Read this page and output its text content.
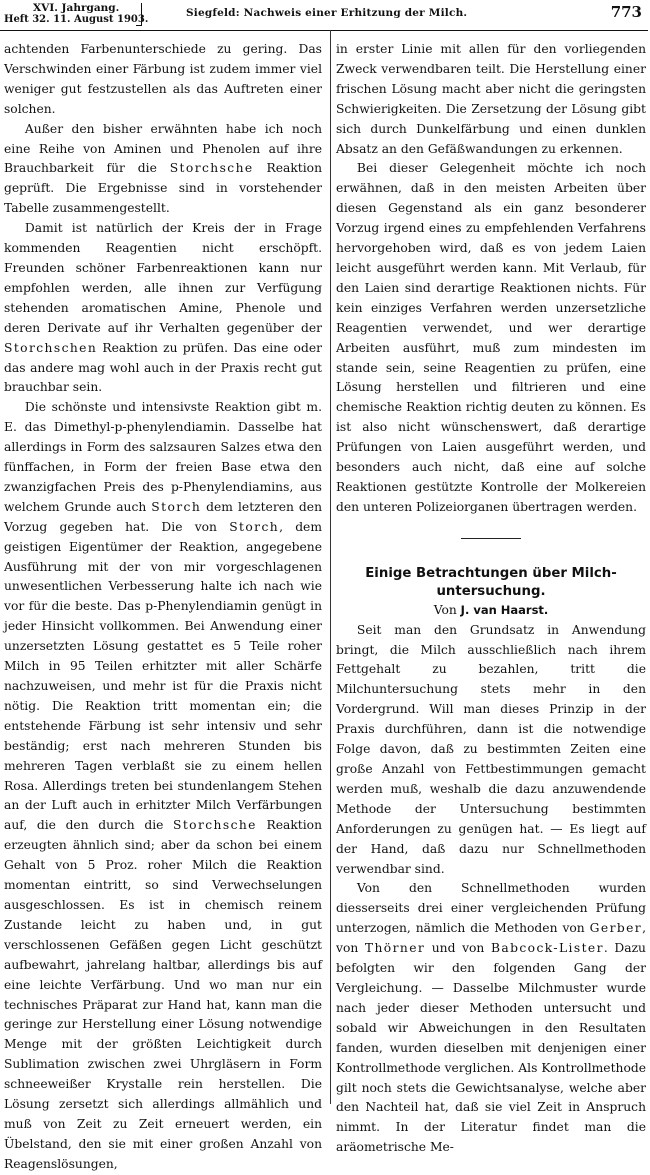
XVI. Jahrgang.
Heft 32. 11. August 1903.
Siegfeld: Nachweis einer Erhitzung der Milch.	773

achtenden Farbenunterschiede zu gering. Das Verschwinden einer Färbung ist zudem immer viel weniger gut festzustellen als das Auftreten einer solchen.

Außer den bisher erwähnten habe ich noch eine Reihe von Aminen und Phenolen auf ihre Brauchbarkeit für die Storchsche Reaktion geprüft. Die Ergebnisse sind in vorstehender Tabelle zusammengestellt.

Damit ist natürlich der Kreis der in Frage kommenden Reagentien nicht erschöpft. Freunden schöner Farbenreaktionen kann nur empfohlen werden, alle ihnen zur Verfügung stehenden aromatischen Amine, Phenole und deren Derivate auf ihr Verhalten gegenüber der Storchschen Reaktion zu prüfen. Das eine oder das andere mag wohl auch in der Praxis recht gut brauchbar sein.

Die schönste und intensivste Reaktion gibt m. E. das Dimethyl-p-phenylendiamin. Dasselbe hat allerdings in Form des salzsauren Salzes etwa den fünffachen, in Form der freien Base etwa den zwanzigfachen Preis des p-Phenylendiamins, aus welchem Grunde auch Storch dem letzteren den Vorzug gegeben hat. Die von Storch, dem geistigen Eigentümer der Reaktion, angegebene Ausführung mit der von mir vorgeschlagenen unwesentlichen Verbesserung halte ich nach wie vor für die beste. Das p-Phenylendiamin genügt in jeder Hinsicht vollkommen. Bei Anwendung einer unzersetzten Lösung gestattet es 5 Teile roher Milch in 95 Teilen erhitzter mit aller Schärfe nachzuweisen, und mehr ist für die Praxis nicht nötig. Die Reaktion tritt momentan ein; die entstehende Färbung ist sehr intensiv und sehr beständig; erst nach mehreren Stunden bis mehreren Tagen verblaßt sie zu einem hellen Rosa. Allerdings treten bei stundenlangem Stehen an der Luft auch in erhitzter Milch Verfärbungen auf, die den durch die Storchsche Reaktion erzeugten ähnlich sind; aber da schon bei einem Gehalt von 5 Proz. roher Milch die Reaktion momentan eintritt, so sind Verwechselungen ausgeschlossen. Es ist in chemisch reinem Zustande leicht zu haben und, in gut verschlossenen Gefäßen gegen Licht geschützt aufbewahrt, jahrelang haltbar, allerdings bis auf eine leichte Verfärbung. Und wo man nur ein technisches Präparat zur Hand hat, kann man die geringe zur Herstellung einer Lösung notwendige Menge mit der größten Leichtigkeit durch Sublimation zwischen zwei Uhrgläsern in Form schneeweißer Krystalle rein herstellen. Die Lösung zersetzt sich allerdings allmählich und muß von Zeit zu Zeit erneuert werden, ein Übelstand, den sie mit einer großen Anzahl von Reagenslösungen,

in erster Linie mit allen für den vorliegenden Zweck verwendbaren teilt. Die Herstellung einer frischen Lösung macht aber nicht die geringsten Schwierigkeiten. Die Zersetzung der Lösung gibt sich durch Dunkelfärbung und einen dunklen Absatz an den Gefäßwandungen zu erkennen.

Bei dieser Gelegenheit möchte ich noch erwähnen, daß in den meisten Arbeiten über diesen Gegenstand als ein ganz besonderer Vorzug irgend eines zu empfehlenden Verfahrens hervorgehoben wird, daß es von jedem Laien leicht ausgeführt werden kann. Mit Verlaub, für den Laien sind derartige Reaktionen nichts. Für kein einziges Verfahren werden unzersetzliche Reagentien verwendet, und wer derartige Arbeiten ausführt, muß zum mindesten im stande sein, seine Reagentien zu prüfen, eine Lösung herstellen und filtrieren und eine chemische Reaktion richtig deuten zu können. Es ist also nicht wünschenswert, daß derartige Prüfungen von Laien ausgeführt werden, und besonders auch nicht, daß eine auf solche Reaktionen gestützte Kontrolle der Molkereien den unteren Polizeiorganen übertragen werden.

Einige Betrachtungen über Milch-
untersuchung.

Von J. van Haarst.

Seit man den Grundsatz in Anwendung bringt, die Milch ausschließlich nach ihrem Fettgehalt zu bezahlen, tritt die Milchuntersuchung stets mehr in den Vordergrund. Will man dieses Prinzip in der Praxis durchführen, dann ist die notwendige Folge davon, daß zu bestimmten Zeiten eine große Anzahl von Fettbestimmungen gemacht werden muß, weshalb die dazu anzuwendende Methode der Untersuchung bestimmten Anforderungen zu genügen hat. — Es liegt auf der Hand, daß dazu nur Schnellmethoden verwendbar sind.

Von den Schnellmethoden wurden diesserseits drei einer vergleichenden Prüfung unterzogen, nämlich die Methoden von Gerber, von Thörner und von Babcock-Lister. Dazu befolgten wir den folgenden Gang der Vergleichung. — Dasselbe Milchmuster wurde nach jeder dieser Methoden untersucht und sobald wir Abweichungen in den Resultaten fanden, wurden dieselben mit denjenigen einer Kontrollmethode verglichen. Als Kontrollmethode gilt noch stets die Gewichtsanalyse, welche aber den Nachteil hat, daß sie viel Zeit in Anspruch nimmt. In der Literatur findet man die aräometrische Me-
